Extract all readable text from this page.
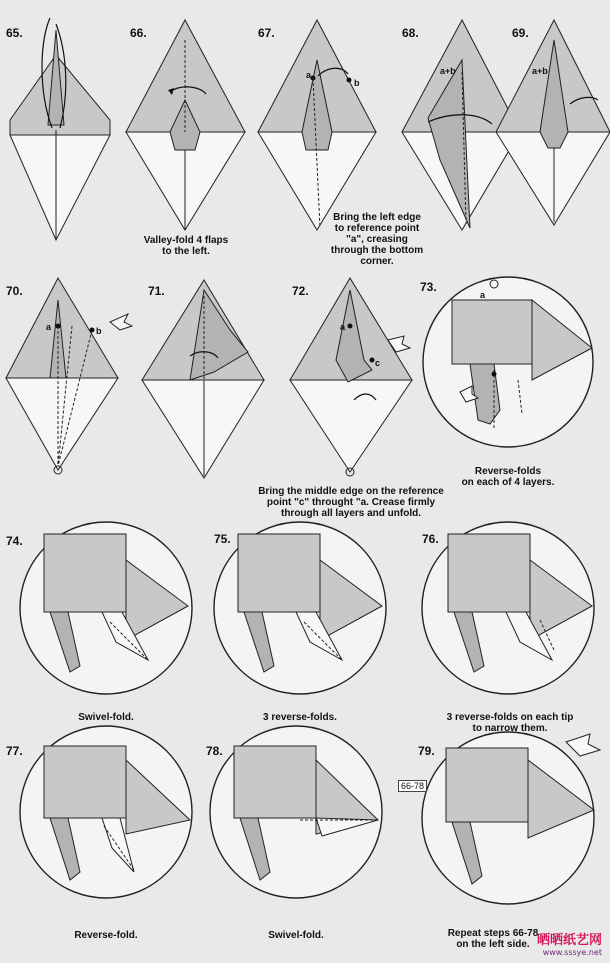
65.	66.	67.	68.	69.
Valley-fold 4 flaps
to the left.
Bring the left edge
to reference point
"a", creasing
through the bottom
corner.
a
b
a+b	a+b
70.	71.	72.	73.
a	b	a
c
a
Bring the middle edge on the reference
point "c" throught "a. Crease firmly
through all layers and unfold.
Reverse-folds
on each of 4 layers.
74.	75.	76.
77.	78.	79.
Swivel-fold.	3 reverse-folds.	3 reverse-folds on each tip
to narrow them.
Reverse-fold.	Swivel-fold.	Repeat steps 66-78
on the left side.
66-78
晒晒纸艺网
www.sssye.net
